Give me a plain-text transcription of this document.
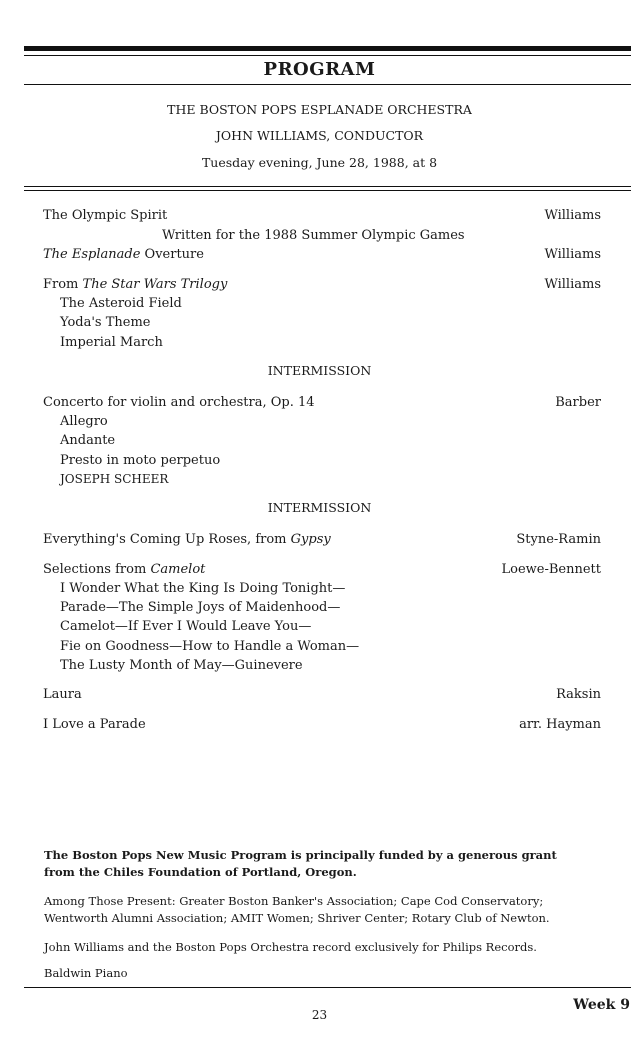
PROGRAM
THE BOSTON POPS ESPLANADE ORCHESTRA
JOHN WILLIAMS, CONDUCTOR
Tuesday evening, June 28, 1988, at 8
The Olympic Spirit	Williams
Written for the 1988 Summer Olympic Games
The Esplanade Overture	Williams
From The Star Wars Trilogy	Williams
The Asteroid Field
Yoda's Theme
Imperial March
INTERMISSION
Concerto for violin and orchestra, Op. 14	Barber
Allegro
Andante
Presto in moto perpetuo
JOSEPH SCHEER
INTERMISSION
Everything's Coming Up Roses, from Gypsy	Styne-Ramin
Selections from Camelot	Loewe-Bennett
I Wonder What the King Is Doing Tonight—
Parade—The Simple Joys of Maidenhood—
Camelot—If Ever I Would Leave You—
Fie on Goodness—How to Handle a Woman—
The Lusty Month of May—Guinevere
Laura	Raksin
I Love a Parade	arr. Hayman
The Boston Pops New Music Program is principally funded by a generous grant
from the Chiles Foundation of Portland, Oregon.
Among Those Present: Greater Boston Banker's Association; Cape Cod Conservatory;
Wentworth Alumni Association; AMIT Women; Shriver Center; Rotary Club of Newton.
John Williams and the Boston Pops Orchestra record exclusively for Philips Records.
Baldwin Piano
23
Week 9
